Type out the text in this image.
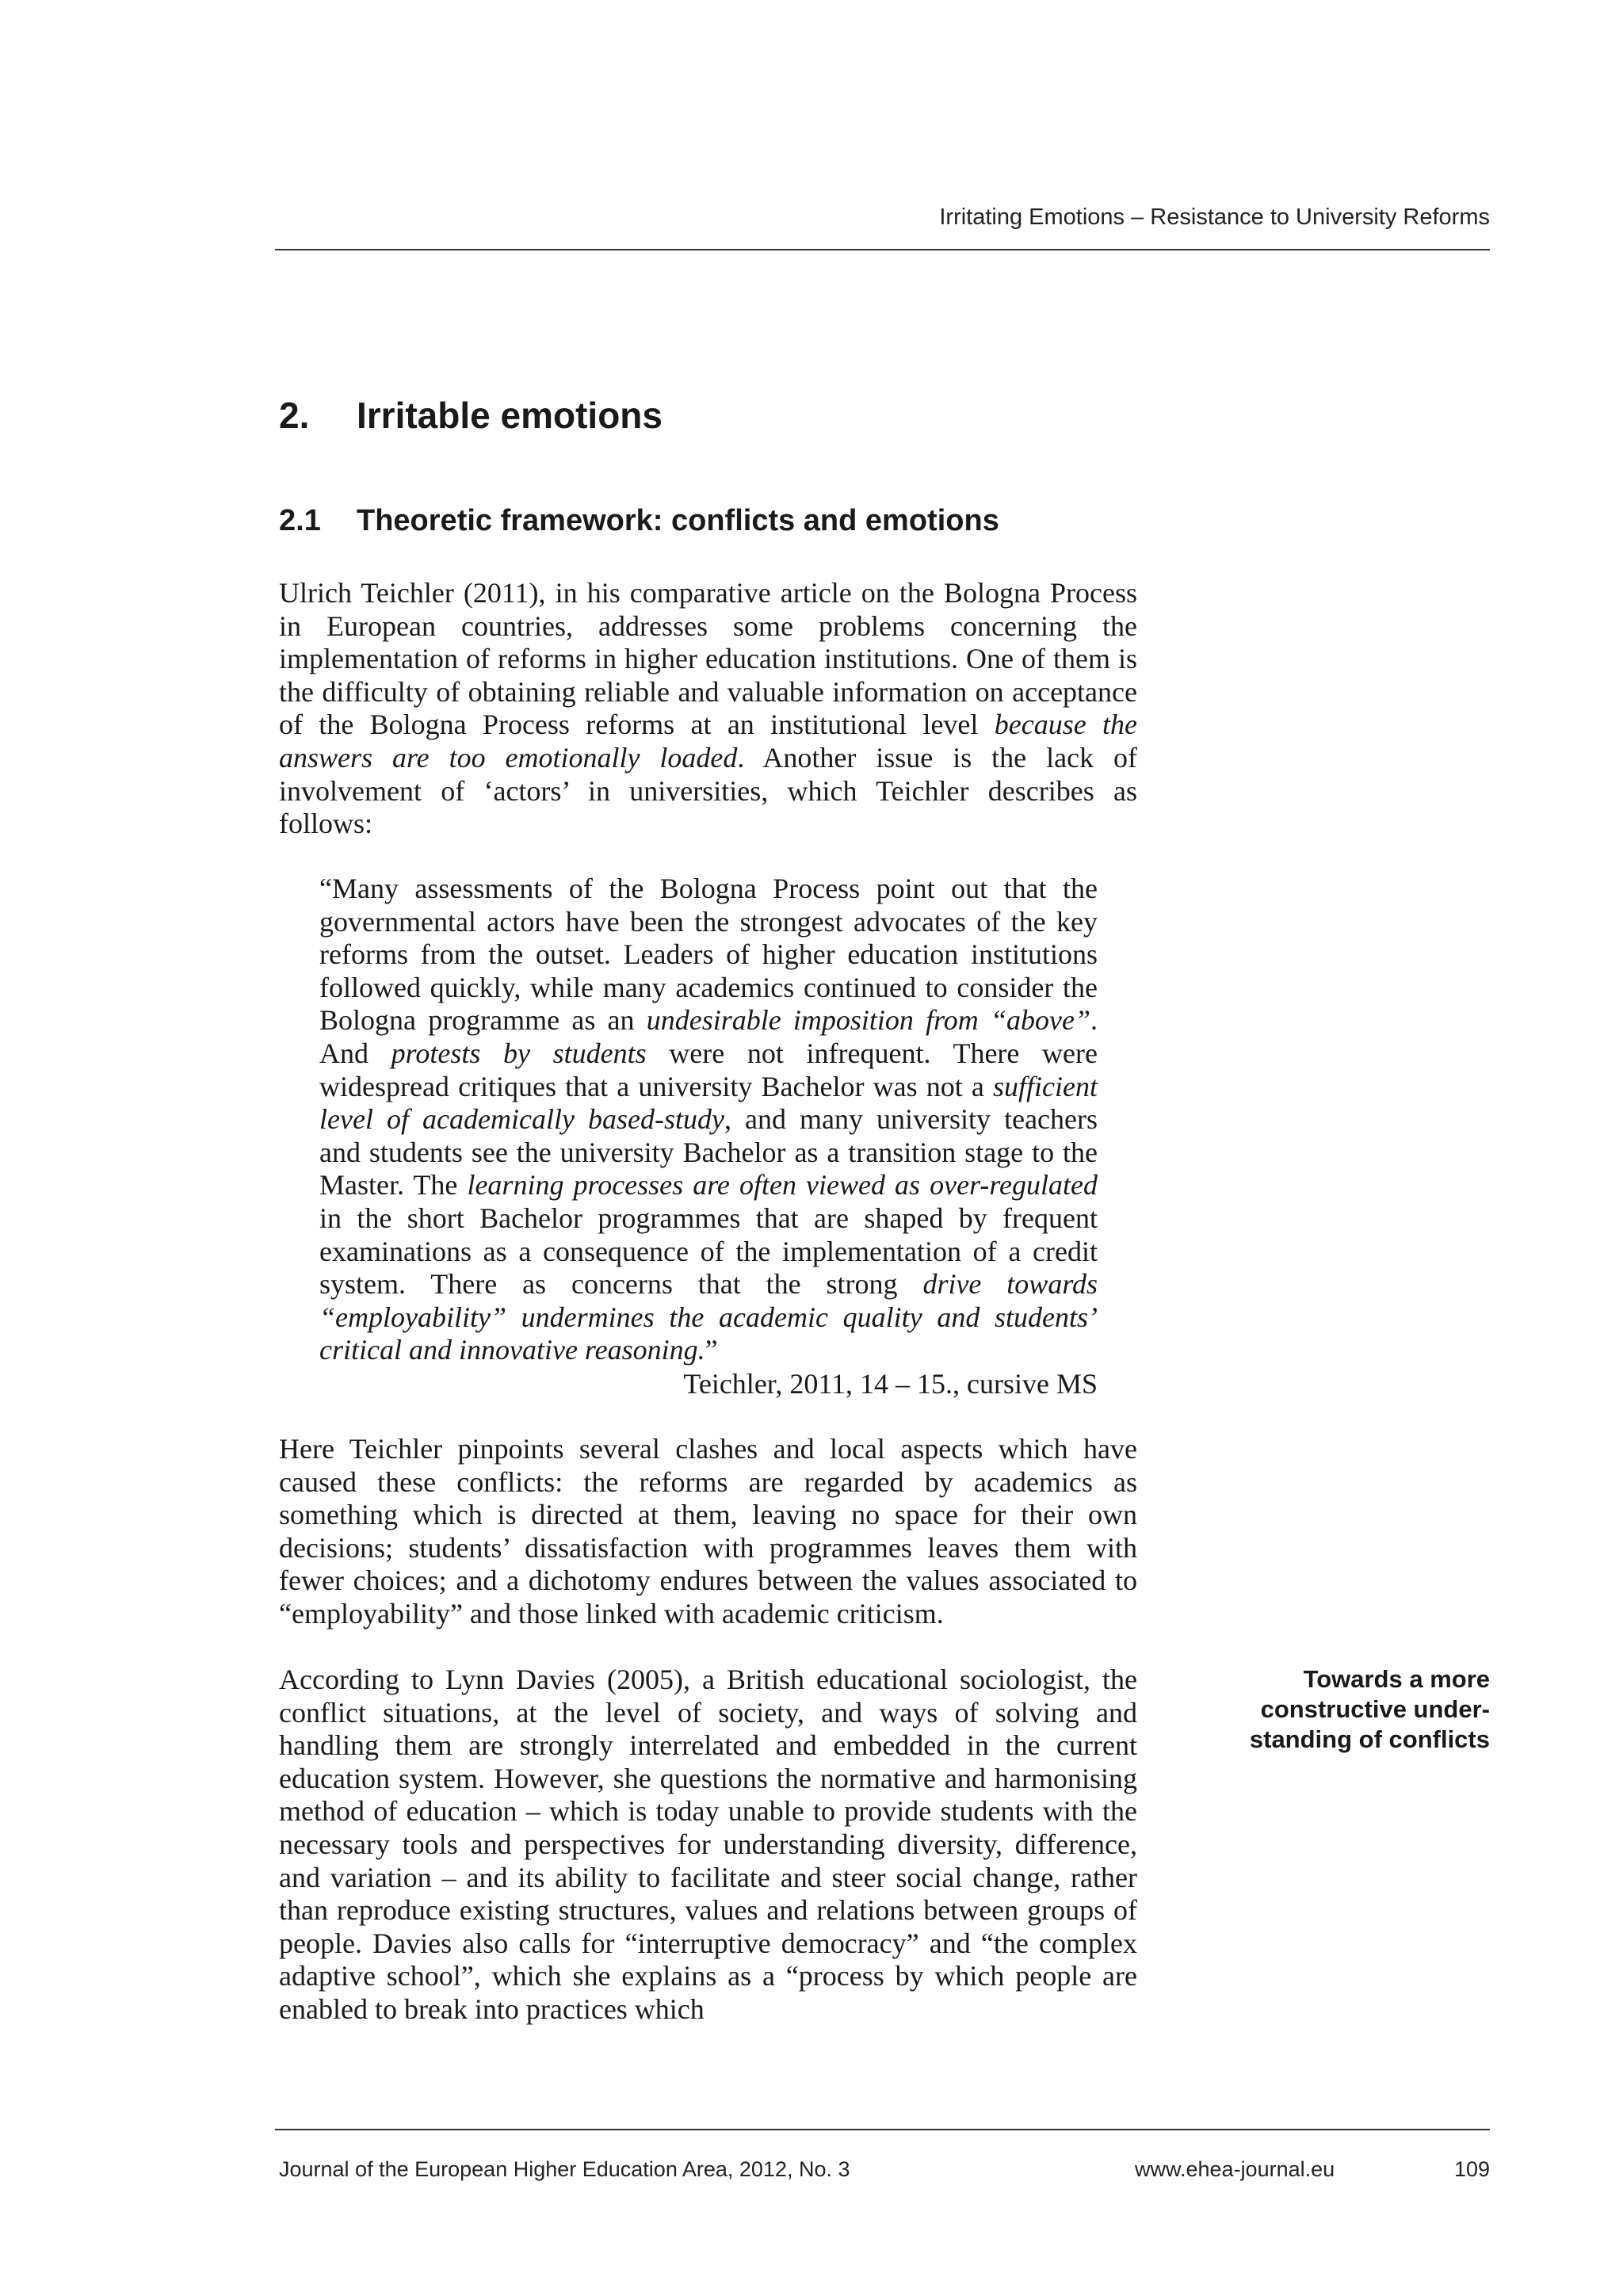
Irritating Emotions – Resistance to University Reforms
2. Irritable emotions
2.1 Theoretic framework: conflicts and emotions

Ulrich Teichler (2011), in his comparative article on the Bologna Process in European countries, addresses some problems concerning the implementation of reforms in higher education institutions. One of them is the difficulty of obtaining reliable and valuable information on acceptance of the Bologna Process reforms at an institutional level because the answers are too emotionally loaded. Another issue is the lack of involvement of ‘actors’ in universities, which Teichler describes as follows:

“Many assessments of the Bologna Process point out that the governmental actors have been the strongest advocates of the key reforms from the outset. Leaders of higher education institutions followed quickly, while many academics continued to consider the Bologna programme as an undesirable imposition from “above”. And protests by students were not infrequent. There were widespread critiques that a university Bachelor was not a sufficient level of academically based-study, and many university teachers and students see the university Bachelor as a transition stage to the Master. The learning processes are often viewed as over-regulated in the short Bachelor programmes that are shaped by frequent examinations as a consequence of the implementation of a credit system. There as concerns that the strong drive towards “employability” undermines the academic quality and students’ critical and innovative reasoning.”

Teichler, 2011, 14 – 15., cursive MS

Here Teichler pinpoints several clashes and local aspects which have caused these conflicts: the reforms are regarded by academics as something which is directed at them, leaving no space for their own decisions; students’ dissatisfaction with programmes leaves them with fewer choices; and a dichotomy endures between the values associated to “employability” and those linked with academic criticism.

According to Lynn Davies (2005), a British educational sociologist, the conflict situations, at the level of society, and ways of solving and handling them are strongly interrelated and embedded in the current education system. However, she questions the normative and harmonising method of education – which is today unable to provide students with the necessary tools and perspectives for understanding diversity, difference, and variation – and its ability to facilitate and steer social change, rather than reproduce existing structures, values and relations between groups of people. Davies also calls for “interruptive democracy” and “the complex adaptive school”, which she explains as a “process by which people are enabled to break into practices which

Towards a more
constructive under-
standing of conflicts
Journal of the European Higher Education Area, 2012, No. 3	www.ehea-journal.eu	109
